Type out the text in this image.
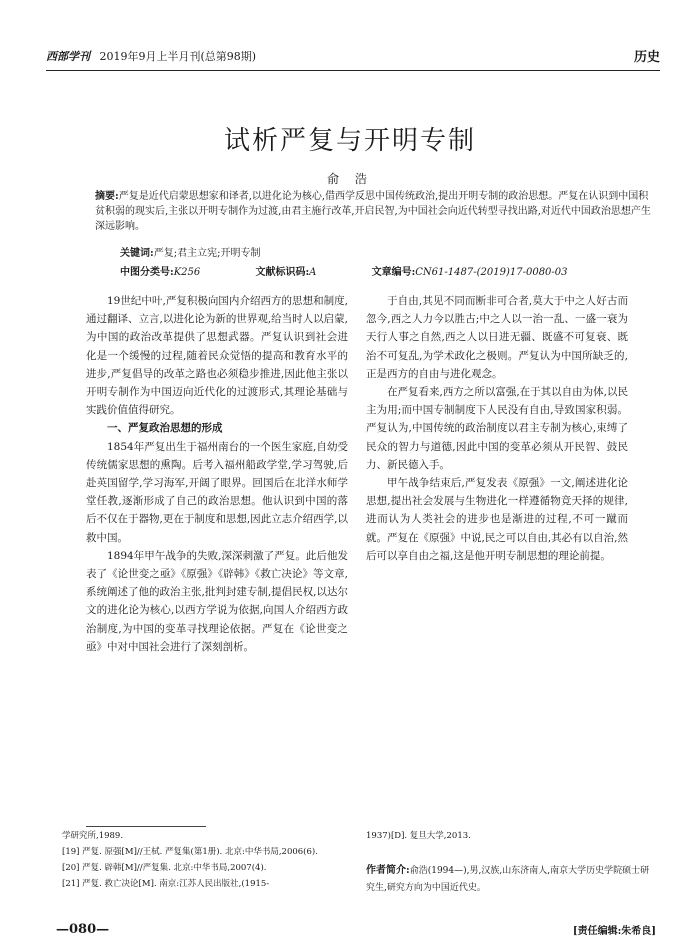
西部学刊 2019年9月上半月刊(总第98期)	历史
试析严复与开明专制
俞 浩
摘要:严复是近代启蒙思想家和译者,以进化论为核心,借西学反思中国传统政治,提出开明专制的政治思想。严复在认识到中国积贫积弱的现实后,主张以开明专制作为过渡,由君主施行改革,开启民智,为中国社会向近代转型寻找出路,对近代中国政治思想产生深远影响。
关键词:严复;君主立宪;开明专制
中图分类号:K256	文献标识码:A	文章编号:CN61-1487-(2019)17-0080-03

19世纪中叶,严复积极向国内介绍西方的思想和制度,通过翻译、立言,以进化论为新的世界观,给当时人以启蒙,为中国的政治改革提供了思想武器。严复认识到社会进化是一个缓慢的过程,随着民众觉悟的提高和教育水平的进步,严复倡导的改革之路也必须稳步推进,因此他主张以开明专制作为中国迈向近代化的过渡形式,其理论基础与实践价值值得研究。

一、严复政治思想的形成

1854年严复出生于福州南台的一个医生家庭,自幼受传统儒家思想的熏陶。后考入福州船政学堂,学习驾驶,后赴英国留学,学习海军,开阔了眼界。回国后在北洋水师学堂任教,逐渐形成了自己的政治思想。他认识到中国的落后不仅在于器物,更在于制度和思想,因此立志介绍西学,以救中国。

1894年甲午战争的失败,深深刺激了严复。此后他发表了《论世变之亟》《原强》《辟韩》《救亡决论》等文章,系统阐述了他的政治主张,批判封建专制,提倡民权,以达尔文的进化论为核心,以西方学说为依据,向国人介绍西方政治制度,为中国的变革寻找理论依据。严复在《论世变之亟》中对中国社会进行了深刻剖析。

于自由,其见不同而断非可合者,莫大于中之人好古而忽今,西之人力今以胜古;中之人以一治一乱、一盛一衰为天行人事之自然,西之人以日进无疆、既盛不可复衰、既治不可复乱,为学术政化之极则。严复认为中国所缺乏的,正是西方的自由与进化观念。

在严复看来,西方之所以富强,在于其以自由为体,以民主为用;而中国专制制度下人民没有自由,导致国家积弱。严复认为,中国传统的政治制度以君主专制为核心,束缚了民众的智力与道德,因此中国的变革必须从开民智、鼓民力、新民德入手。

甲午战争结束后,严复发表《原强》一文,阐述进化论思想,提出社会发展与生物进化一样遵循物竞天择的规律,进而认为人类社会的进步也是渐进的过程,不可一蹴而就。严复在《原强》中说,民之可以自由,其必有以自治,然后可以享自由之福,这是他开明专制思想的理论前提。

学研究所,1989.
[19] 严复. 原强[M]//王栻. 严复集(第1册). 北京:中华书局,2006(6).
[20] 严复. 辟韩[M]//严复集. 北京:中华书局,2007(4).
[21] 严复. 救亡决论[M]. 南京:江苏人民出版社,(1915-
1937)[D]. 复旦大学,2013.
作者简介:俞浩(1994—),男,汉族,山东济南人,南京大学历史学院硕士研究生,研究方向为中国近代史。
—080—	[责任编辑:朱希良]
